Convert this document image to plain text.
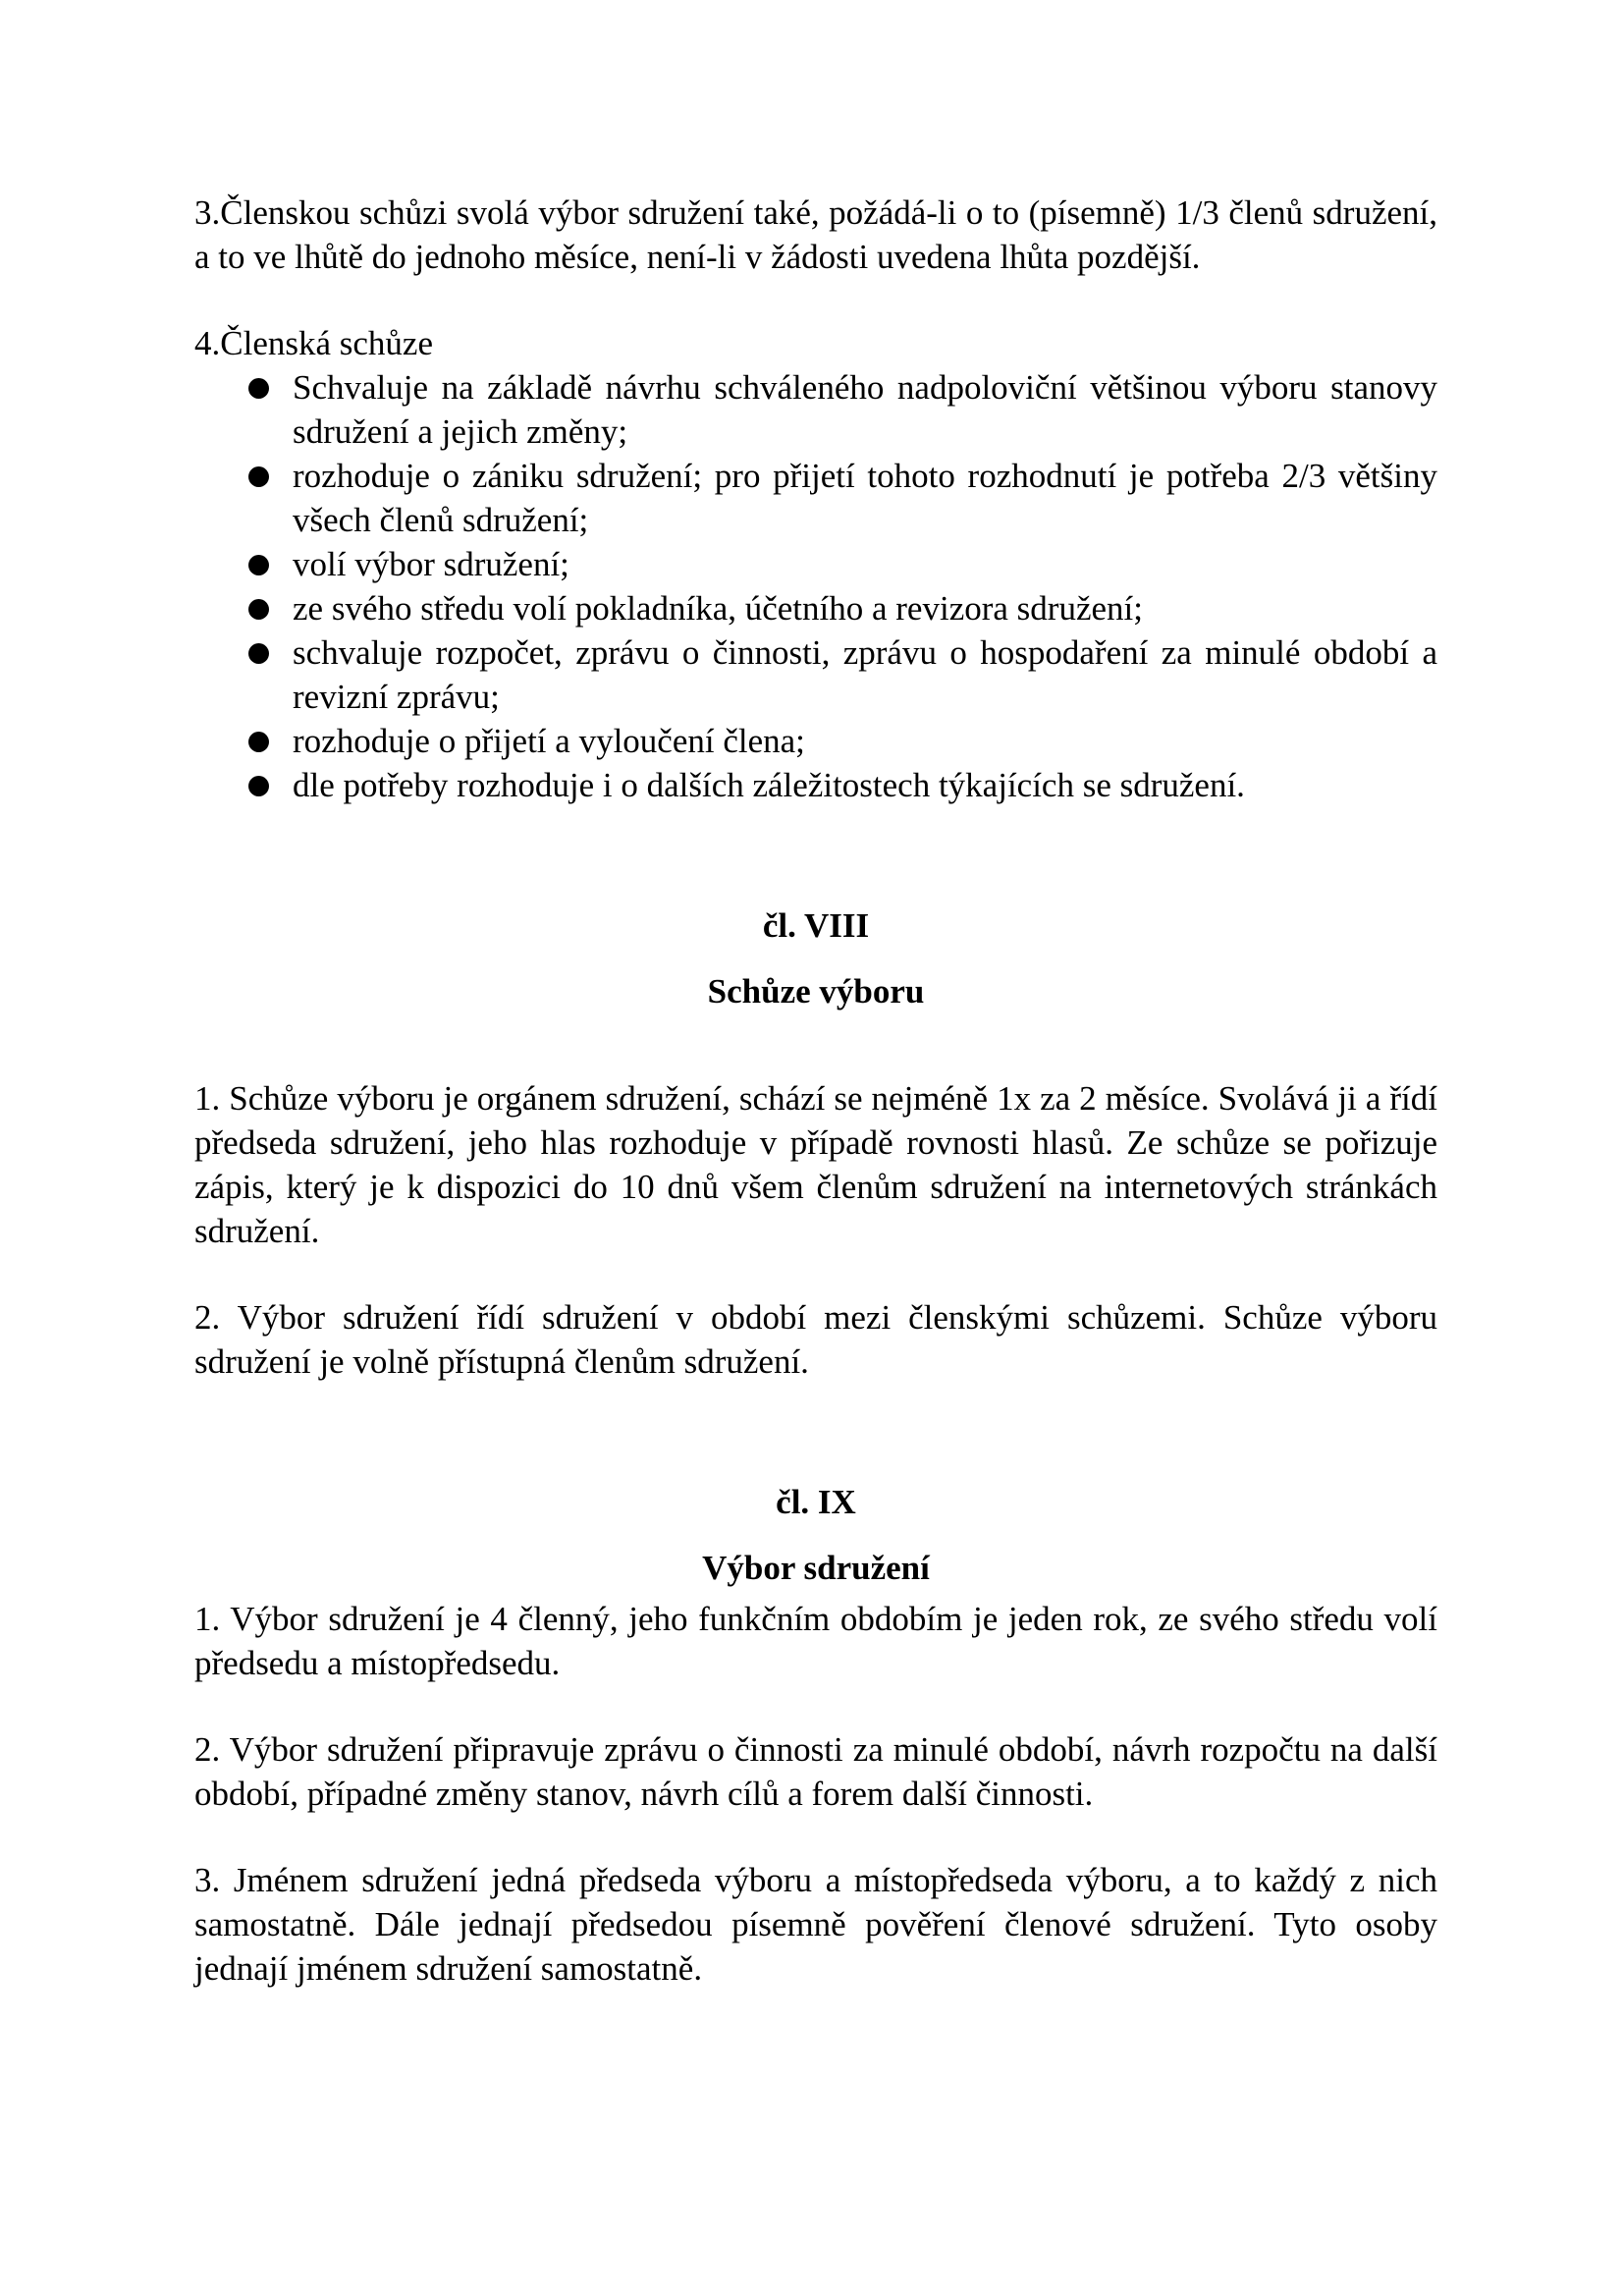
3.Členskou schůzi svolá výbor sdružení také, požádá-li o to (písemně) 1/3 členů sdružení, a to ve lhůtě do jednoho měsíce, není-li v žádosti uvedena lhůta pozdější.

4.Členská schůze

Schvaluje na základě návrhu schváleného nadpoloviční většinou výboru stanovy sdružení a jejich změny;
rozhoduje o zániku sdružení; pro přijetí tohoto rozhodnutí je potřeba 2/3 většiny všech členů sdružení;
volí výbor sdružení;
ze svého středu volí pokladníka, účetního a revizora sdružení;
schvaluje rozpočet, zprávu o činnosti, zprávu o hospodaření za minulé období a revizní zprávu;
rozhoduje o přijetí a vyloučení člena;
dle potřeby rozhoduje i o dalších záležitostech týkajících se sdružení.
čl. VIII
Schůze výboru

1. Schůze výboru je orgánem sdružení, schází se nejméně 1x za 2 měsíce. Svolává ji a řídí předseda sdružení, jeho hlas rozhoduje v případě rovnosti hlasů. Ze schůze se pořizuje zápis, který je k dispozici do 10 dnů všem členům sdružení na internetových stránkách sdružení.

2. Výbor sdružení řídí sdružení v období mezi členskými schůzemi. Schůze výboru sdružení je volně přístupná členům sdružení.

čl. IX
Výbor sdružení

1. Výbor sdružení je 4 členný, jeho funkčním obdobím je jeden rok, ze svého středu volí předsedu a místopředsedu.

2. Výbor sdružení připravuje zprávu o činnosti za minulé období, návrh rozpočtu na další období, případné změny stanov, návrh cílů a forem další činnosti.

3. Jménem sdružení jedná předseda výboru a místopředseda výboru, a to každý z nich samostatně. Dále jednají předsedou písemně pověření členové sdružení. Tyto osoby jednají jménem sdružení samostatně.
